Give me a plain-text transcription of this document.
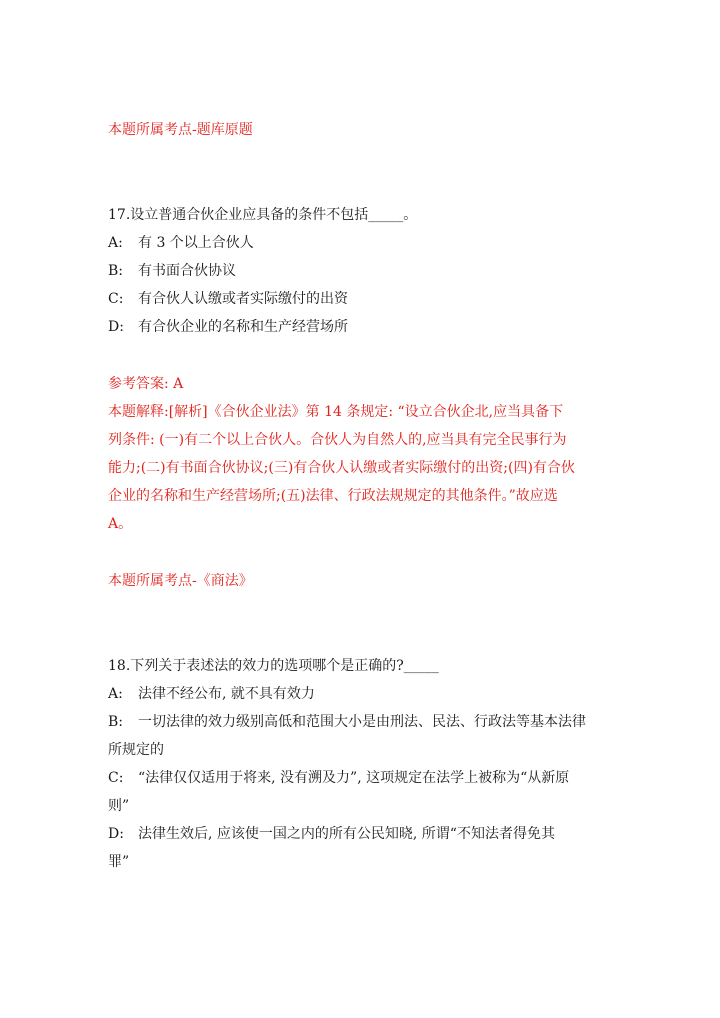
本题所属考点-题库原题
17.设立普通合伙企业应具备的条件不包括_____。
A:	有 3 个以上合伙人
B:	有书面合伙协议
C:	有合伙人认缴或者实际缴付的出资
D:	有合伙企业的名称和生产经营场所
参考答案: A
本题解释:[解析]《合伙企业法》第 14 条规定: “设立合伙企北,应当具备下
列条件: (一)有二个以上合伙人。合伙人为自然人的,应当具有完全民事行为
能力;(二)有书面合伙协议;(三)有合伙人认缴或者实际缴付的出资;(四)有合伙
企业的名称和生产经营场所;(五)法律、行政法规规定的其他条件。”故应选
A。
本题所属考点-《商法》
18.下列关于表述法的效力的选项哪个是正确的?_____
A:	法律不经公布, 就不具有效力
B:	一切法律的效力级别高低和范围大小是由刑法、民法、行政法等基本法律
所规定的
C:	“法律仅仅适用于将来, 没有溯及力”, 这项规定在法学上被称为“从新原
则”
D:	法律生效后, 应该使一国之内的所有公民知晓, 所谓“不知法者得免其
罪”
